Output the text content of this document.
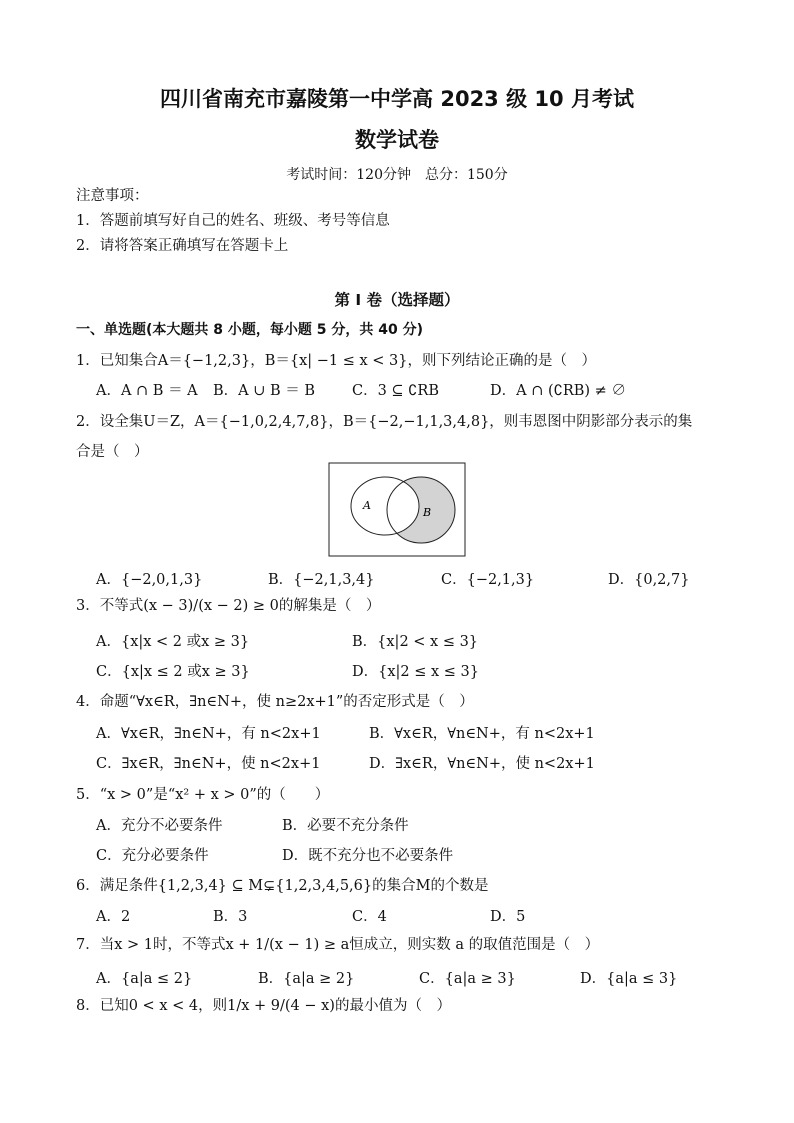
四川省南充市嘉陵第一中学高 2023 级 10 月考试
数学试卷
考试时间：120分钟　总分：150分
注意事项：
1．答题前填写好自己的姓名、班级、考号等信息
2．请将答案正确填写在答题卡上
第 I 卷（选择题）
一、单选题(本大题共 8 小题，每小题 5 分，共 40 分)
1．已知集合A＝{−1,2,3}，B＝{x| −1 ≤ x < 3}，则下列结论正确的是（　）
A．A ∩ B ＝ A B．A ∪ B ＝ B	C．3 ⊆ ∁RB	D．A ∩ (∁RB) ≠ ∅
2．设全集U＝Z，A＝{−1,0,2,4,7,8}，B＝{−2,−1,1,3,4,8}，则韦恩图中阴影部分表示的集
合是（　）
A
B
A．{−2,0,1,3}	B．{−2,1,3,4}	C．{−2,1,3}	D．{0,2,7}
3．不等式(x − 3)/(x − 2) ≥ 0的解集是（　）
A．{x|x < 2 或x ≥ 3}	B．{x|2 < x ≤ 3}
C．{x|x ≤ 2 或x ≥ 3}	D．{x|2 ≤ x ≤ 3}
4．命题“∀x∈R，∃n∈N+，使 n≥2x+1”的否定形式是（　）
A．∀x∈R，∃n∈N+，有 n<2x+1	B．∀x∈R，∀n∈N+，有 n<2x+1
C．∃x∈R，∃n∈N+，使 n<2x+1	D．∃x∈R，∀n∈N+，使 n<2x+1
5．“x > 0”是“x² + x > 0”的（　　）
A．充分不必要条件	B．必要不充分条件
C．充分必要条件	D．既不充分也不必要条件
6．满足条件{1,2,3,4} ⊆ M⊊{1,2,3,4,5,6}的集合M的个数是
A．2	B．3	C．4	D．5
7．当x > 1时，不等式x + 1/(x − 1) ≥ a恒成立，则实数 a 的取值范围是（　）
A．{a|a ≤ 2}	B．{a|a ≥ 2}	C．{a|a ≥ 3}	D．{a|a ≤ 3}
8．已知0 < x < 4，则1/x + 9/(4 − x)的最小值为（　）
